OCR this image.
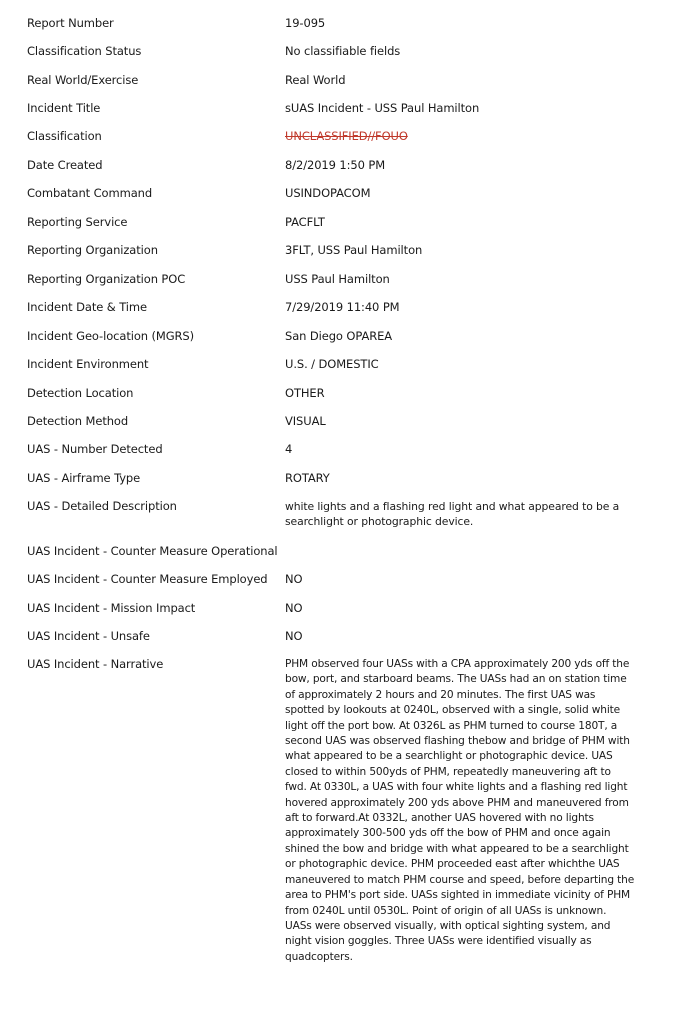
Report Number	19-095
Classification Status	No classifiable fields
Real World/Exercise	Real World
Incident Title	sUAS Incident - USS Paul Hamilton
Classification	UNCLASSIFIED//FOUO
Date Created	8/2/2019 1:50 PM
Combatant Command	USINDOPACOM
Reporting Service	PACFLT
Reporting Organization	3FLT, USS Paul Hamilton
Reporting Organization POC	USS Paul Hamilton
Incident Date & Time	7/29/2019 11:40 PM
Incident Geo-location (MGRS)	San Diego OPAREA
Incident Environment	U.S. / DOMESTIC
Detection Location	OTHER
Detection Method	VISUAL
UAS - Number Detected	4
UAS - Airframe Type	ROTARY
UAS - Detailed Description	white lights and a flashing red light and what appeared to be a searchlight or photographic device.
UAS Incident - Counter Measure Operational
UAS Incident - Counter Measure Employed NO
UAS Incident - Mission Impact	NO
UAS Incident - Unsafe	NO
UAS Incident - Narrative	PHM observed four UASs with a CPA approximately 200 yds off the bow, port, and starboard beams. The UASs had an on station time of approximately 2 hours and 20 minutes. The first UAS was spotted by lookouts at 0240L, observed with a single, solid white light off the port bow. At 0326L as PHM turned to course 180T, a second UAS was observed flashing thebow and bridge of PHM with what appeared to be a searchlight or photographic device. UAS closed to within 500yds of PHM, repeatedly maneuvering aft to fwd. At 0330L, a UAS with four white lights and a flashing red light hovered approximately 200 yds above PHM and maneuvered from aft to forward.At 0332L, another UAS hovered with no lights approximately 300-500 yds off the bow of PHM and once again shined the bow and bridge with what appeared to be a searchlight or photographic device. PHM proceeded east after whichthe UAS maneuvered to match PHM course and speed, before departing the area to PHM's port side. UASs sighted in immediate vicinity of PHM from 0240L until 0530L. Point of origin of all UASs is unknown. UASs were observed visually, with optical sighting system, and night vision goggles. Three UASs were identified visually as quadcopters.
